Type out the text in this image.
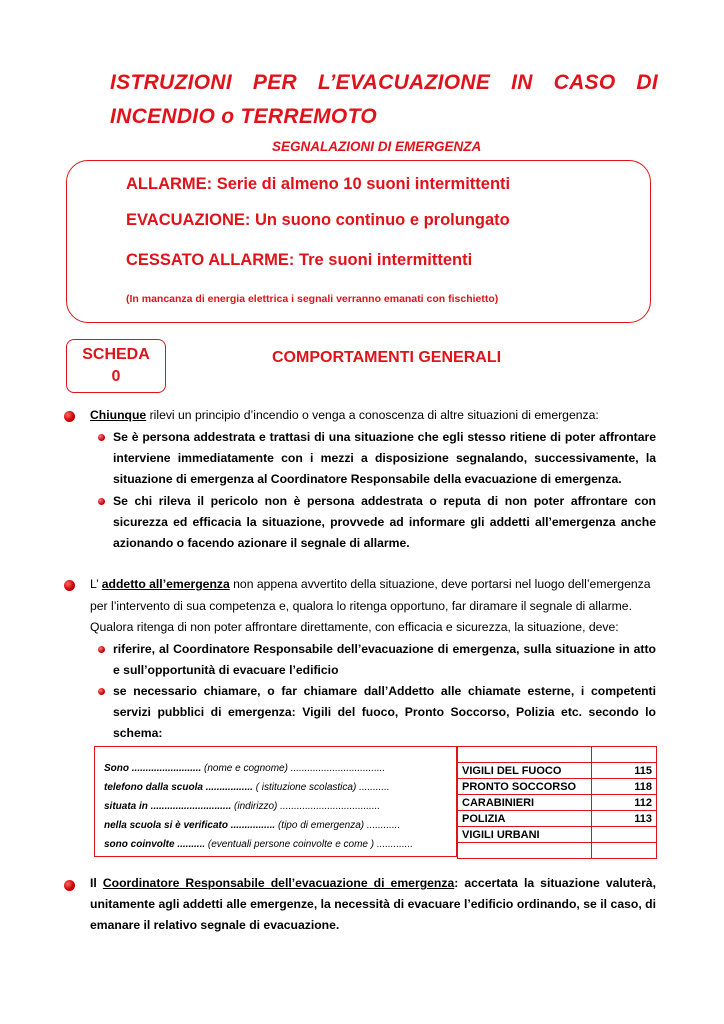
ISTRUZIONI PER L’EVACUAZIONE IN CASO DI
INCENDIO o TERREMOTO
SEGNALAZIONI DI EMERGENZA
ALLARME: Serie di almeno 10 suoni intermittenti
EVACUAZIONE: Un suono continuo e prolungato
CESSATO ALLARME: Tre suoni intermittenti
(In mancanza di energia elettrica i segnali verranno emanati con fischietto)
SCHEDA
0
COMPORTAMENTI GENERALI
Chiunque rilevi un principio d’incendio o venga a conoscenza di altre situazioni di emergenza:
Se è persona addestrata e trattasi di una situazione che egli stesso ritiene di poter affrontare
interviene immediatamente con i mezzi a disposizione segnalando, successivamente, la
situazione di emergenza al Coordinatore Responsabile della evacuazione di emergenza.
Se chi rileva il pericolo non è persona addestrata o reputa di non poter affrontare con
sicurezza ed efficacia la situazione, provvede ad informare gli addetti all’emergenza anche
azionando o facendo azionare il segnale di allarme.
L’ addetto all’emergenza non appena avvertito della situazione, deve portarsi nel luogo dell’emergenza
per l’intervento di sua competenza e, qualora lo ritenga opportuno, far diramare il segnale di allarme.
Qualora ritenga di non poter affrontare direttamente, con efficacia e sicurezza, la situazione, deve:
riferire, al Coordinatore Responsabile dell’evacuazione di emergenza, sulla situazione in atto
e sull’opportunità di evacuare l’edificio
se necessario chiamare, o far chiamare dall’Addetto alle chiamate esterne, i competenti
servizi pubblici di emergenza: Vigili del fuoco, Pronto Soccorso, Polizia etc. secondo lo
schema:
Sono ......................... (nome e cognome) ..................................
telefono dalla scuola ................. ( istituzione scolastica) ...........
situata in ............................. (indirizzo) ....................................
nella scuola si è verificato ................ (tipo di emergenza) ............
sono coinvolte .......... (eventuali persone coinvolte e come ) .............

VIGILI DEL FUOCO	115
PRONTO SOCCORSO	118
CARABINIERI	112
POLIZIA	113
VIGILI URBANI	

Il Coordinatore Responsabile dell’evacuazione di emergenza: accertata la situazione valuterà,
unitamente agli addetti alle emergenze, la necessità di evacuare l’edificio ordinando, se il caso, di
emanare il relativo segnale di evacuazione.
